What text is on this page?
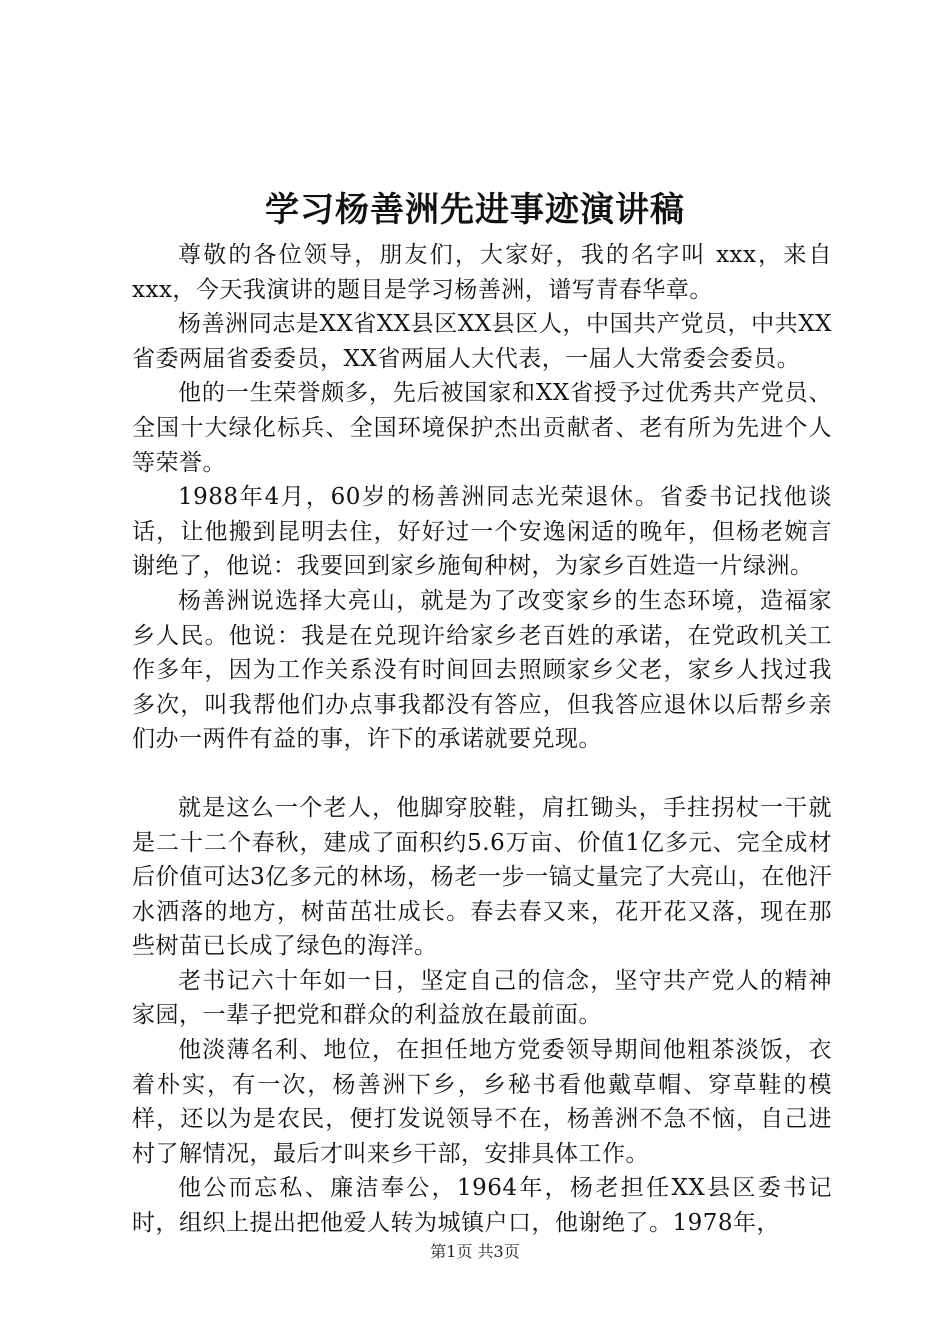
学习杨善洲先进事迹演讲稿

尊敬的各位领导，朋友们，大家好，我的名字叫 xxx，来自 xxx，今天我演讲的题目是学习杨善洲，谱写青春华章。

杨善洲同志是XX省XX县区XX县区人，中国共产党员，中共XX省委两届省委委员，XX省两届人大代表，一届人大常委会委员。

他的一生荣誉颇多，先后被国家和XX省授予过优秀共产党员、全国十大绿化标兵、全国环境保护杰出贡献者、老有所为先进个人等荣誉。

1988年4月，60岁的杨善洲同志光荣退休。省委书记找他谈话，让他搬到昆明去住，好好过一个安逸闲适的晚年，但杨老婉言谢绝了，他说：我要回到家乡施甸种树，为家乡百姓造一片绿洲。

杨善洲说选择大亮山，就是为了改变家乡的生态环境，造福家乡人民。他说：我是在兑现许给家乡老百姓的承诺，在党政机关工作多年，因为工作关系没有时间回去照顾家乡父老，家乡人找过我多次，叫我帮他们办点事我都没有答应，但我答应退休以后帮乡亲们办一两件有益的事，许下的承诺就要兑现。

就是这么一个老人，他脚穿胶鞋，肩扛锄头，手拄拐杖一干就是二十二个春秋，建成了面积约5.6万亩、价值1亿多元、完全成材后价值可达3亿多元的林场，杨老一步一镐丈量完了大亮山，在他汗水洒落的地方，树苗茁壮成长。春去春又来，花开花又落，现在那些树苗已长成了绿色的海洋。

老书记六十年如一日，坚定自己的信念，坚守共产党人的精神家园，一辈子把党和群众的利益放在最前面。

他淡薄名利、地位，在担任地方党委领导期间他粗茶淡饭，衣着朴实，有一次，杨善洲下乡，乡秘书看他戴草帽、穿草鞋的模样，还以为是农民，便打发说领导不在，杨善洲不急不恼，自己进村了解情况，最后才叫来乡干部，安排具体工作。

他公而忘私、廉洁奉公，1964年，杨老担任XX县区委书记时，组织上提出把他爱人转为城镇户口，他谢绝了。1978年，

第1页 共3页
